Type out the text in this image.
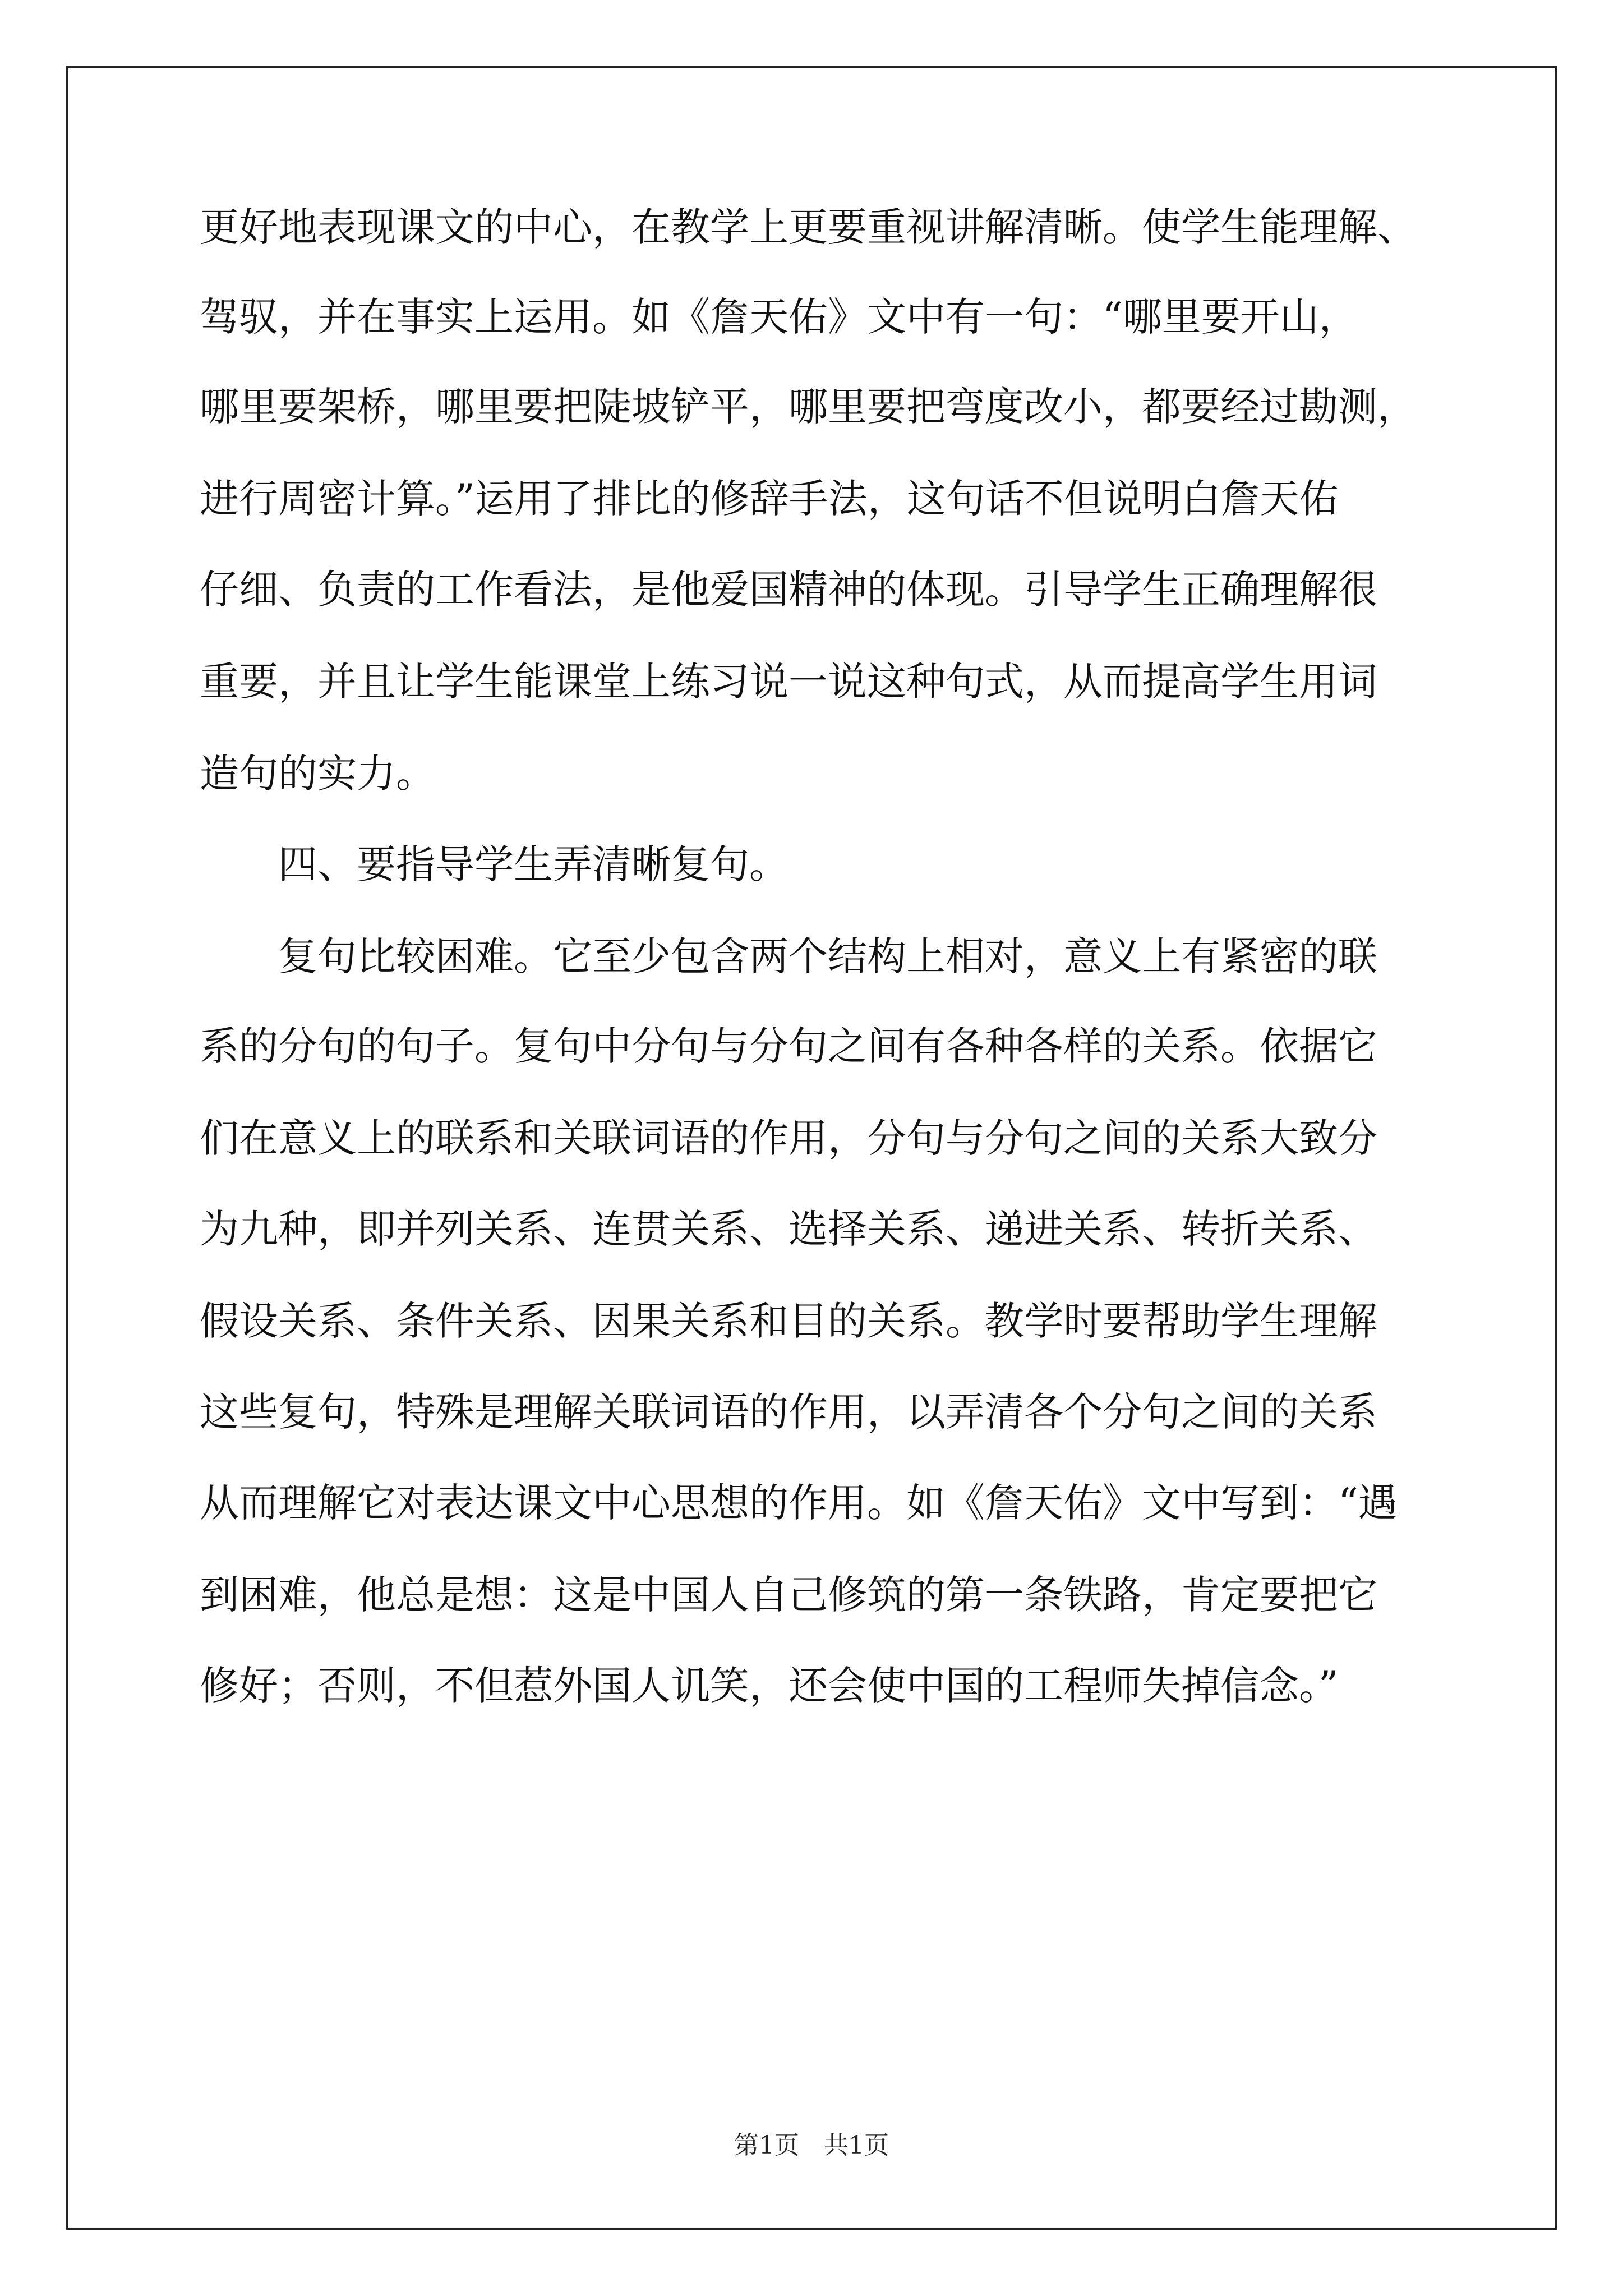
更好地表现课文的中心，在教学上更要重视讲解清晰。使学生能理解、
驾驭，并在事实上运用。如《詹天佑》文中有一句：“哪里要开山，
哪里要架桥，哪里要把陡坡铲平，哪里要把弯度改小，都要经过勘测，
进行周密计算。”运用了排比的修辞手法，这句话不但说明白詹天佑
仔细、负责的工作看法，是他爱国精神的体现。引导学生正确理解很
重要，并且让学生能课堂上练习说一说这种句式，从而提高学生用词
造句的实力。
　　四、要指导学生弄清晰复句。
　　复句比较困难。它至少包含两个结构上相对，意义上有紧密的联
系的分句的句子。复句中分句与分句之间有各种各样的关系。依据它
们在意义上的联系和关联词语的作用，分句与分句之间的关系大致分
为九种，即并列关系、连贯关系、选择关系、递进关系、转折关系、
假设关系、条件关系、因果关系和目的关系。教学时要帮助学生理解
这些复句，特殊是理解关联词语的作用，以弄清各个分句之间的关系
从而理解它对表达课文中心思想的作用。如《詹天佑》文中写到：“遇
到困难，他总是想：这是中国人自己修筑的第一条铁路，肯定要把它
修好；否则，不但惹外国人讥笑，还会使中国的工程师失掉信念。”
第1页　共1页
